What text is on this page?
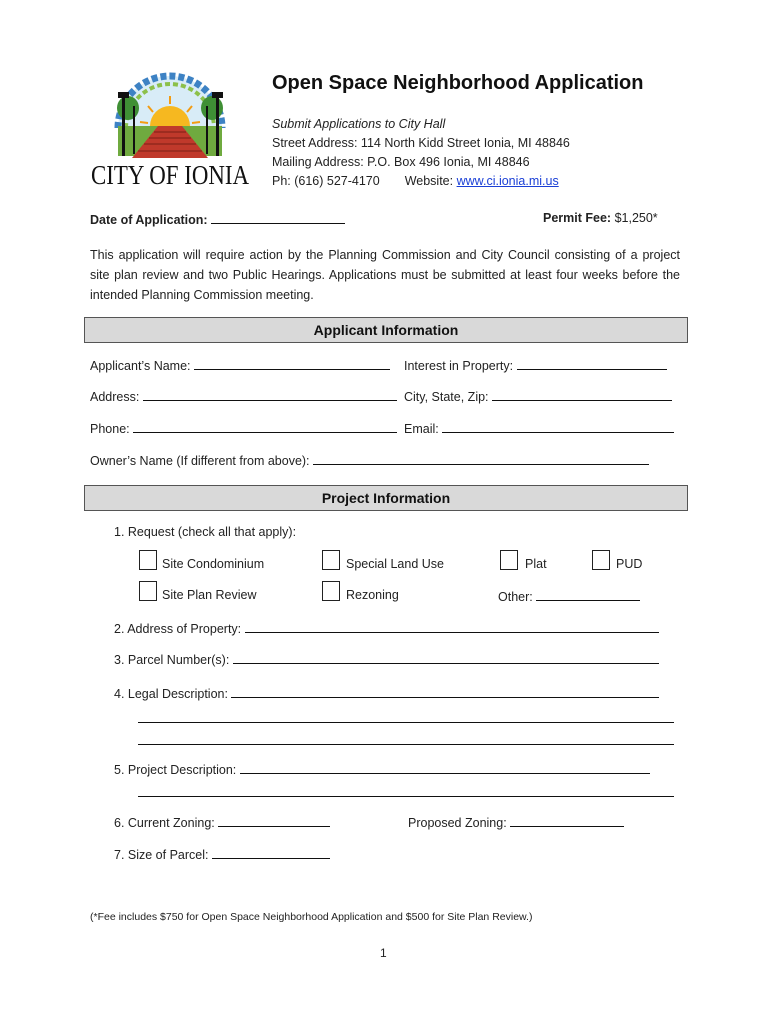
CITY OF IONIA
Open Space Neighborhood Application
Submit Applications to City Hall
Street Address: 114 North Kidd Street Ionia, MI 48846
Mailing Address: P.O. Box 496 Ionia, MI 48846
Ph: (616) 527-4170 Website: www.ci.ionia.mi.us
Date of Application:	Permit Fee: $1,250*
This application will require action by the Planning Commission and City Council consisting of a project site plan review and two Public Hearings. Applications must be submitted at least four weeks before the intended Planning Commission meeting.
Applicant Information
Applicant’s Name:	Interest in Property:
Address:	City, State, Zip:
Phone:	Email:
Owner’s Name (If different from above):
Project Information
1. Request (check all that apply):
Site Condominium	Special Land Use	Plat	PUD
Site Plan Review	Rezoning	Other:
2. Address of Property:
3. Parcel Number(s):
4. Legal Description:
5. Project Description:
6. Current Zoning:	Proposed Zoning:
7. Size of Parcel:
(*Fee includes $750 for Open Space Neighborhood Application and $500 for Site Plan Review.)
1
